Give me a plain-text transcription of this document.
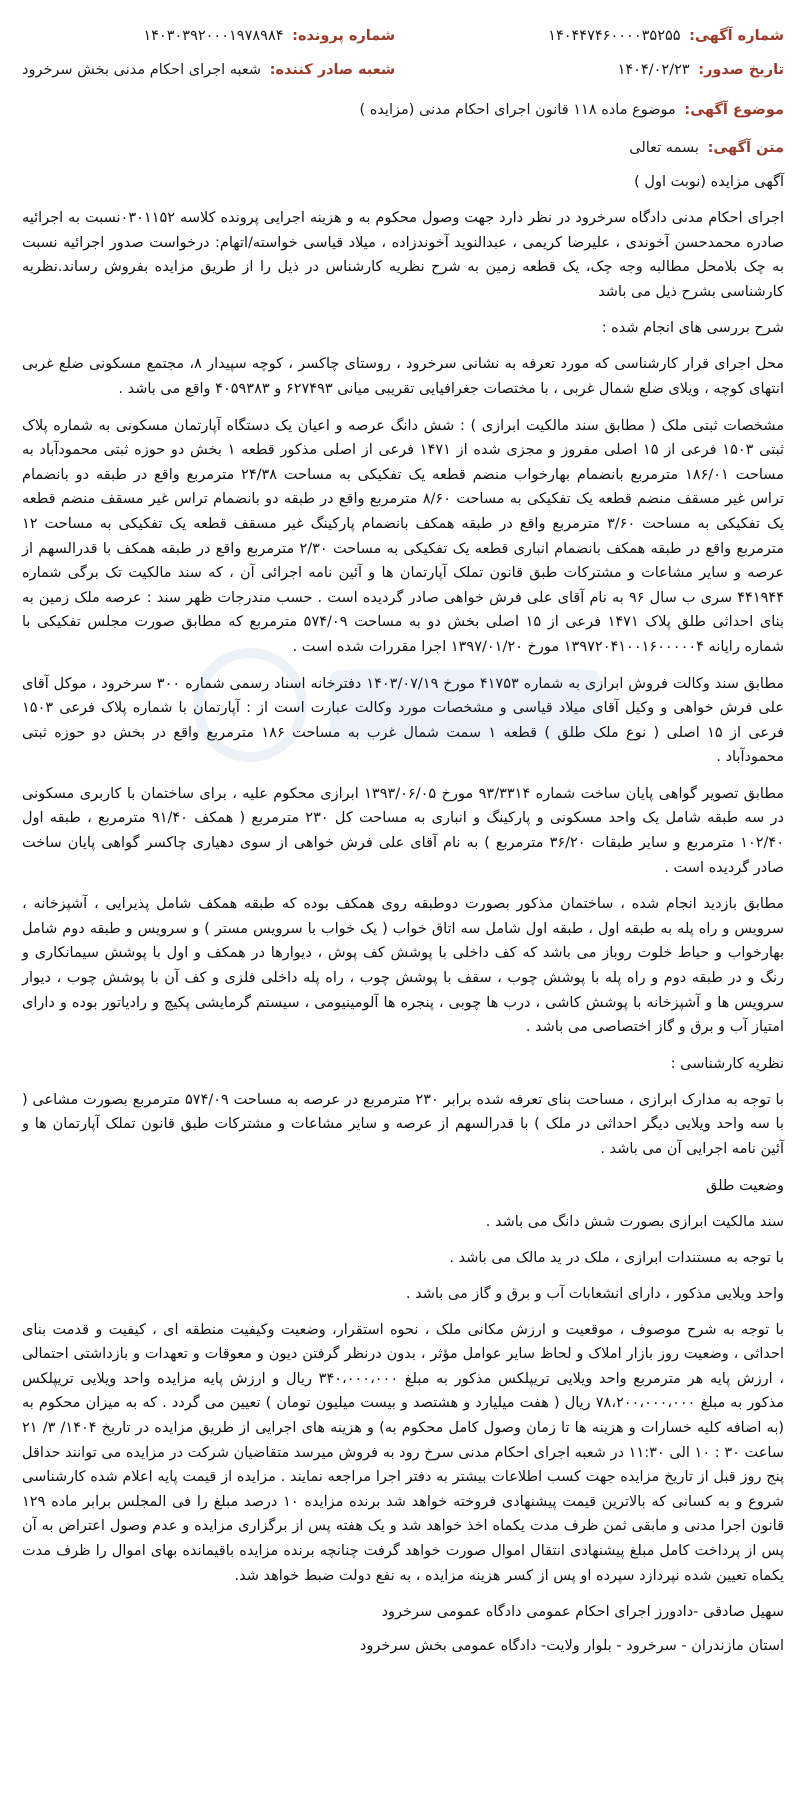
شماره آگهی: ۱۴۰۴۴۷۴۶۰۰۰۰۳۵۲۵۵
تاریخ صدور: ۱۴۰۴/۰۲/۲۳
شماره پرونده: ۱۴۰۳۰۳۹۲۰۰۰۱۹۷۸۹۸۴
شعبه صادر کننده: شعبه اجرای احکام مدنی بخش سرخرود
موضوع آگهی: موضوع ماده ۱۱۸ قانون اجرای احکام مدنی (مزایده )
متن آگهی: بسمه تعالی

آگهی مزایده (نوبت اول )

اجرای احکام مدنی دادگاه سرخرود در نظر دارد جهت وصول محکوم به و هزینه اجرایی پرونده کلاسه ۰۳۰۱۱۵۲نسبت به اجرائیه صادره محمدحسن آخوندی ، علیرضا کریمی ، عبدالنوید آخوندزاده ، میلاد قیاسی خواسته/اتهام: درخواست صدور اجرائیه نسبت به چک بلامحل مطالبه وجه چک، یک قطعه زمین به شرح نظریه کارشناس در ذیل را از طریق مزایده بفروش رساند.نظریه کارشناسی بشرح ذیل می باشد

شرح بررسی های انجام شده :

محل اجرای قرار کارشناسی که مورد تعرفه به نشانی سرخرود ، روستای چاکسر ، کوچه سپیدار ۸، مجتمع مسکونی ضلع غربی انتهای کوچه ، ویلای ضلع شمال غربی ، با مختصات جغرافیایی تقریبی میانی ۶۲۷۴۹۳ و ۴۰۵۹۳۸۳ واقع می باشد .

مشخصات ثبتی ملک ( مطابق سند مالکیت ابرازی ) : شش دانگ عرصه و اعیان یک دستگاه آپارتمان مسکونی به شماره پلاک ثبتی ۱۵۰۳ فرعی از ۱۵ اصلی مفروز و مجزی شده از ۱۴۷۱ فرعی از اصلی مذکور قطعه ۱ بخش دو حوزه ثبتی محمودآباد به مساحت ۱۸۶/۰۱ مترمربع بانضمام بهارخواب منضم قطعه یک تفکیکی به مساحت ۲۴/۳۸ مترمربع واقع در طبقه دو بانضمام تراس غیر مسقف منضم قطعه یک تفکیکی به مساحت ۸/۶۰ مترمربع واقع در طبقه دو بانضمام تراس غیر مسقف منضم قطعه یک تفکیکی به مساحت ۳/۶۰ مترمربع واقع در طبقه همکف بانضمام پارکینگ غیر مسقف قطعه یک تفکیکی به مساحت ۱۲ مترمربع واقع در طبقه همکف بانضمام انباری قطعه یک تفکیکی به مساحت ۲/۳۰ مترمربع واقع در طبقه همکف با قدرالسهم از عرصه و سایر مشاعات و مشترکات طبق قانون تملک آپارتمان ها و آئین نامه اجرائی آن ، که سند مالکیت تک برگی شماره ۴۴۱۹۴۴ سری ب سال ۹۶ به نام آقای علی فرش خواهی صادر گردیده است . حسب مندرجات ظهر سند : عرصه ملک زمین به بنای احداثی طلق پلاک ۱۴۷۱ فرعی از ۱۵ اصلی بخش دو به مساحت ۵۷۴/۰۹ مترمربع که مطابق صورت مجلس تفکیکی با شماره رایانه ۱۳۹۷۲۰۴۱۰۰۱۶۰۰۰۰۰۴ مورخ ۱۳۹۷/۰۱/۲۰ اجرا مقررات شده است .

مطابق سند وکالت فروش ابرازی به شماره ۴۱۷۵۳ مورخ ۱۴۰۳/۰۷/۱۹ دفترخانه اسناد رسمی شماره ۳۰۰ سرخرود ، موکل آقای علی فرش خواهی و وکیل آقای میلاد قیاسی و مشخصات مورد وکالت عبارت است از : آپارتمان با شماره پلاک فرعی ۱۵۰۳ فرعی از ۱۵ اصلی ( نوع ملک طلق ) قطعه ۱ سمت شمال غرب به مساحت ۱۸۶ مترمربع واقع در بخش دو حوزه ثبتی محمودآباد .

مطابق تصویر گواهی پایان ساخت شماره ۹۳/۳۳۱۴ مورخ ۱۳۹۳/۰۶/۰۵ ابرازی محکوم علیه ، برای ساختمان با کاربری مسکونی در سه طبقه شامل یک واحد مسکونی و پارکینگ و انباری به مساحت کل ۲۳۰ مترمربع ( همکف ۹۱/۴۰ مترمربع ، طبقه اول ۱۰۲/۴۰ مترمربع و سایر طبقات ۳۶/۲۰ مترمربع ) به نام آقای علی فرش خواهی از سوی دهیاری چاکسر گواهی پایان ساخت صادر گردیده است .

مطابق بازدید انجام شده ، ساختمان مذکور بصورت دوطبقه روی همکف بوده که طبقه همکف شامل پذیرایی ، آشپزخانه ، سرویس و راه پله به طبقه اول ، طبقه اول شامل سه اتاق خواب ( یک خواب با سرویس مستر ) و سرویس و طبقه دوم شامل بهارخواب و حیاط خلوت روباز می باشد که کف داخلی با پوشش کف پوش ، دیوارها در همکف و اول با پوشش سیمانکاری و رنگ و در طبقه دوم و راه پله با پوشش چوب ، سقف با پوشش چوب ، راه پله داخلی فلزی و کف آن با پوشش چوب ، دیوار سرویس ها و آشپزخانه با پوشش کاشی ، درب ها چوبی ، پنجره ها آلومینیومی ، سیستم گرمایشی پکیچ و رادیاتور بوده و دارای امتیاز آب و برق و گاز اختصاصی می باشد .

نظریه کارشناسی :

با توجه به مدارک ابرازی ، مساحت بنای تعرفه شده برابر ۲۳۰ مترمربع در عرصه به مساحت ۵۷۴/۰۹ مترمربع بصورت مشاعی ( با سه واحد ویلایی دیگر احداثی در ملک ) با قدرالسهم از عرصه و سایر مشاعات و مشترکات طبق قانون تملک آپارتمان ها و آئین نامه اجرایی آن می باشد .

وضعیت طلق

سند مالکیت ابرازی بصورت شش دانگ می باشد .

با توجه به مستندات ابرازی ، ملک در ید مالک می باشد .

واحد ویلایی مذکور ، دارای انشعابات آب و برق و گاز می باشد .

با توجه به شرح موصوف ، موقعیت و ارزش مکانی ملک ، نحوه استقرار، وضعیت وکیفیت منطقه ای ، کیفیت و قدمت بنای احداثی ، وضعیت روز بازار املاک و لحاظ سایر عوامل مؤثر ، بدون درنظر گرفتن دیون و معوقات و تعهدات و بازداشتی احتمالی ، ارزش پایه هر مترمربع واحد ویلایی تریپلکس مذکور به مبلغ ۳۴۰،۰۰۰،۰۰۰ ریال و ارزش پایه مزایده واحد ویلایی تریپلکس مذکور به مبلغ ۷۸،۲۰۰،۰۰۰،۰۰۰ ریال ( هفت میلیارد و هشتصد و بیست میلیون تومان ) تعیین می گردد . که به میزان محکوم به (به اضافه کلیه خسارات و هزینه ها تا زمان وصول کامل محکوم به) و هزینه های اجرایی از طریق مزایده در تاریخ ۱۴۰۴/ ۳/ ۲۱ ساعت ۳۰ : ۱۰ الی ۱۱:۳۰ در شعبه اجرای احکام مدنی سرخ رود به فروش میرسد متقاضیان شرکت در مزایده می توانند حداقل پنج روز قبل از تاریخ مزایده جهت کسب اطلاعات بیشتر به دفتر اجرا مراجعه نمایند . مزایده از قیمت پایه اعلام شده کارشناسی شروع و به کسانی که بالاترین قیمت پیشنهادی فروخته خواهد شد برنده مزایده ۱۰ درصد مبلغ را فی المجلس برابر ماده ۱۲۹ قانون اجرا مدنی و مابقی ثمن ظرف مدت یکماه اخذ خواهد شد و یک هفته پس از برگزاری مزایده و عدم وصول اعتراض به آن پس از پرداخت کامل مبلغ پیشنهادی انتقال اموال صورت خواهد گرفت چنانچه برنده مزایده باقیمانده بهای اموال را ظرف مدت یکماه تعیین شده نپردازد سپرده او پس از کسر هزینه مزایده ، به نفع دولت ضبط خواهد شد.

سهیل صادقی -دادورز اجرای احکام عمومی دادگاه عمومی سرخرود
استان مازندران - سرخرود - بلوار ولایت- دادگاه عمومی بخش سرخرود
